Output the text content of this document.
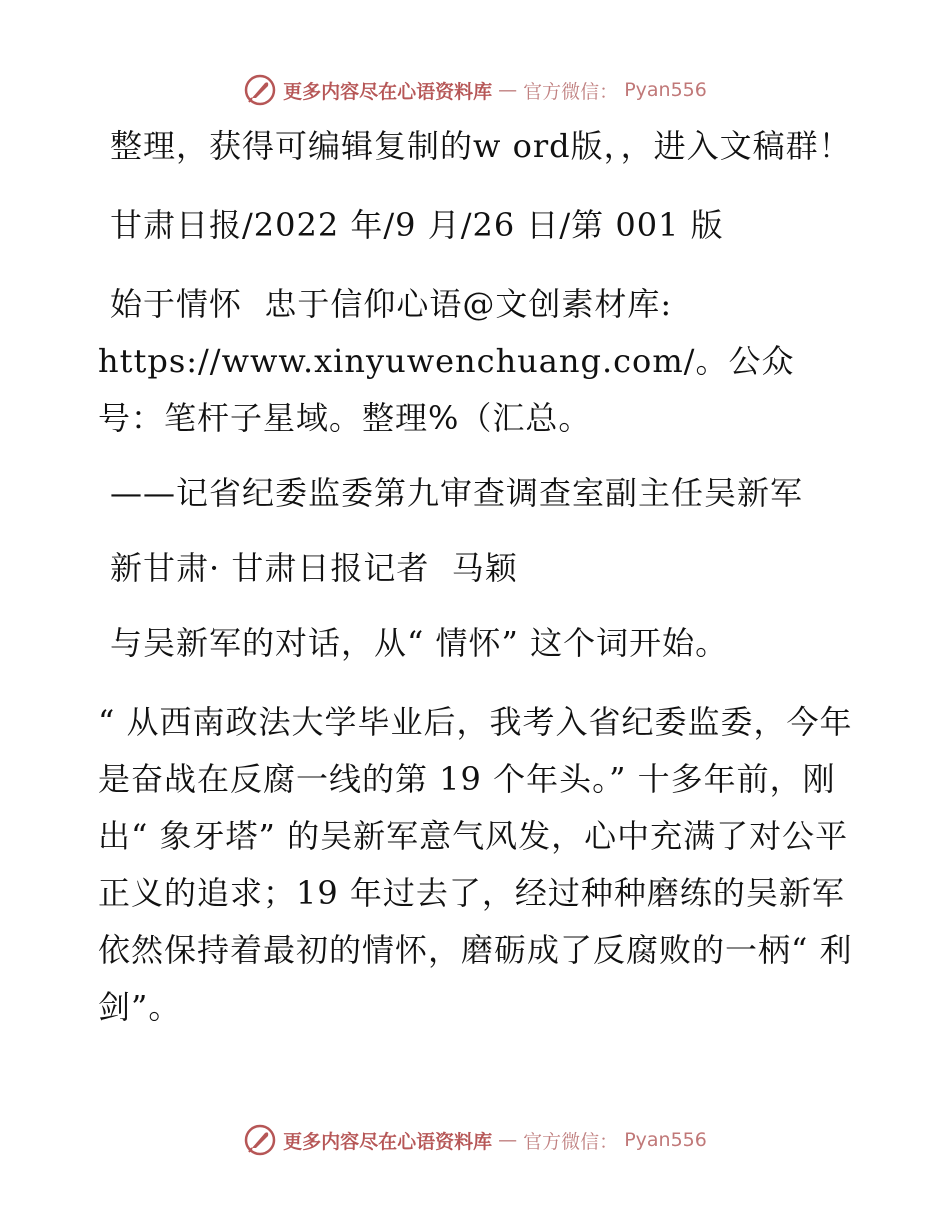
更多内容尽在心语资料库 — 官方微信： Pyan556

整理，获得可编辑复制的w ord版，，进入文稿群！

甘肃日报/2022 年/9 月/26 日/第 001 版

始于情怀  忠于信仰心语@文创素材库:

https://www.xinyuwenchuang.com/。公众号：笔杆子星域。整理%（汇总。

——记省纪委监委第九审查调查室副主任吴新军

新甘肃· 甘肃日报记者  马颖

与吴新军的对话，从“ 情怀” 这个词开始。

“ 从西南政法大学毕业后，我考入省纪委监委，今年是奋战在反腐一线的第 19 个年头。” 十多年前，刚出“ 象牙塔” 的吴新军意气风发，心中充满了对公平正义的追求；19 年过去了，经过种种磨练的吴新军依然保持着最初的情怀，磨砺成了反腐败的一柄“ 利剑”。

更多内容尽在心语资料库 — 官方微信： Pyan556
